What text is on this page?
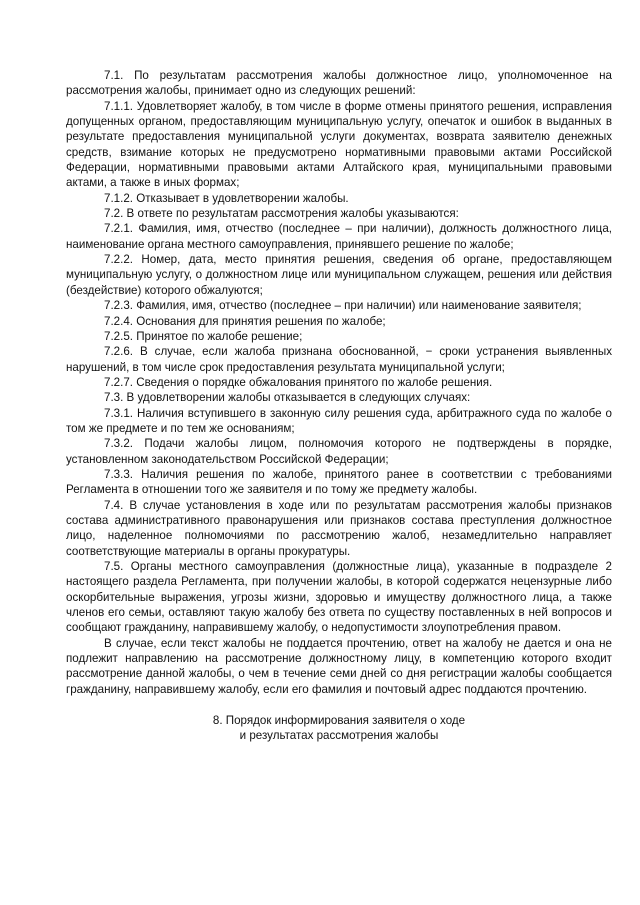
7.1. По результатам рассмотрения жалобы должностное лицо, уполномоченное на рассмотрения жалобы, принимает одно из следующих решений:

7.1.1. Удовлетворяет жалобу, в том числе в форме отмены принятого решения, исправления допущенных органом, предоставляющим муниципальную услугу, опечаток и ошибок в выданных в результате предоставления муниципальной услуги документах, возврата заявителю денежных средств, взимание которых не предусмотрено нормативными правовыми актами Российской Федерации, нормативными правовыми актами Алтайского края, муниципальными правовыми актами, а также в иных формах;

7.1.2. Отказывает в удовлетворении жалобы.

7.2. В ответе по результатам рассмотрения жалобы указываются:

7.2.1. Фамилия, имя, отчество (последнее – при наличии), должность должностного лица, наименование органа местного самоуправления, принявшего решение по жалобе;

7.2.2. Номер, дата, место принятия решения, сведения об органе, предоставляющем муниципальную услугу, о должностном лице или муниципальном служащем, решения или действия (бездействие) которого обжалуются;

7.2.3. Фамилия, имя, отчество (последнее – при наличии) или наименование заявителя;

7.2.4. Основания для принятия решения по жалобе;

7.2.5. Принятое по жалобе решение;

7.2.6. В случае, если жалоба признана обоснованной, − сроки устранения выявленных нарушений, в том числе срок предоставления результата муниципальной услуги;

7.2.7. Сведения о порядке обжалования принятого по жалобе решения.

7.3. В удовлетворении жалобы отказывается в следующих случаях:

7.3.1. Наличия вступившего в законную силу решения суда, арбитражного суда по жалобе о том же предмете и по тем же основаниям;

7.3.2. Подачи жалобы лицом, полномочия которого не подтверждены в порядке, установленном законодательством Российской Федерации;

7.3.3. Наличия решения по жалобе, принятого ранее в соответствии с требованиями Регламента в отношении того же заявителя и по тому же предмету жалобы.

7.4. В случае установления в ходе или по результатам рассмотрения жалобы признаков состава административного правонарушения или признаков состава преступления должностное лицо, наделенное полномочиями по рассмотрению жалоб, незамедлительно направляет соответствующие материалы в органы прокуратуры.

7.5. Органы местного самоуправления (должностные лица), указанные в подразделе 2 настоящего раздела Регламента, при получении жалобы, в которой содержатся нецензурные либо оскорбительные выражения, угрозы жизни, здоровью и имуществу должностного лица, а также членов его семьи, оставляют такую жалобу без ответа по существу поставленных в ней вопросов и сообщают гражданину, направившему жалобу, о недопустимости злоупотребления правом.

В случае, если текст жалобы не поддается прочтению, ответ на жалобу не дается и она не подлежит направлению на рассмотрение должностному лицу, в компетенцию которого входит рассмотрение данной жалобы, о чем в течение семи дней со дня регистрации жалобы сообщается гражданину, направившему жалобу, если его фамилия и почтовый адрес поддаются прочтению.

8. Порядок информирования заявителя о ходе
и результатах рассмотрения жалобы
